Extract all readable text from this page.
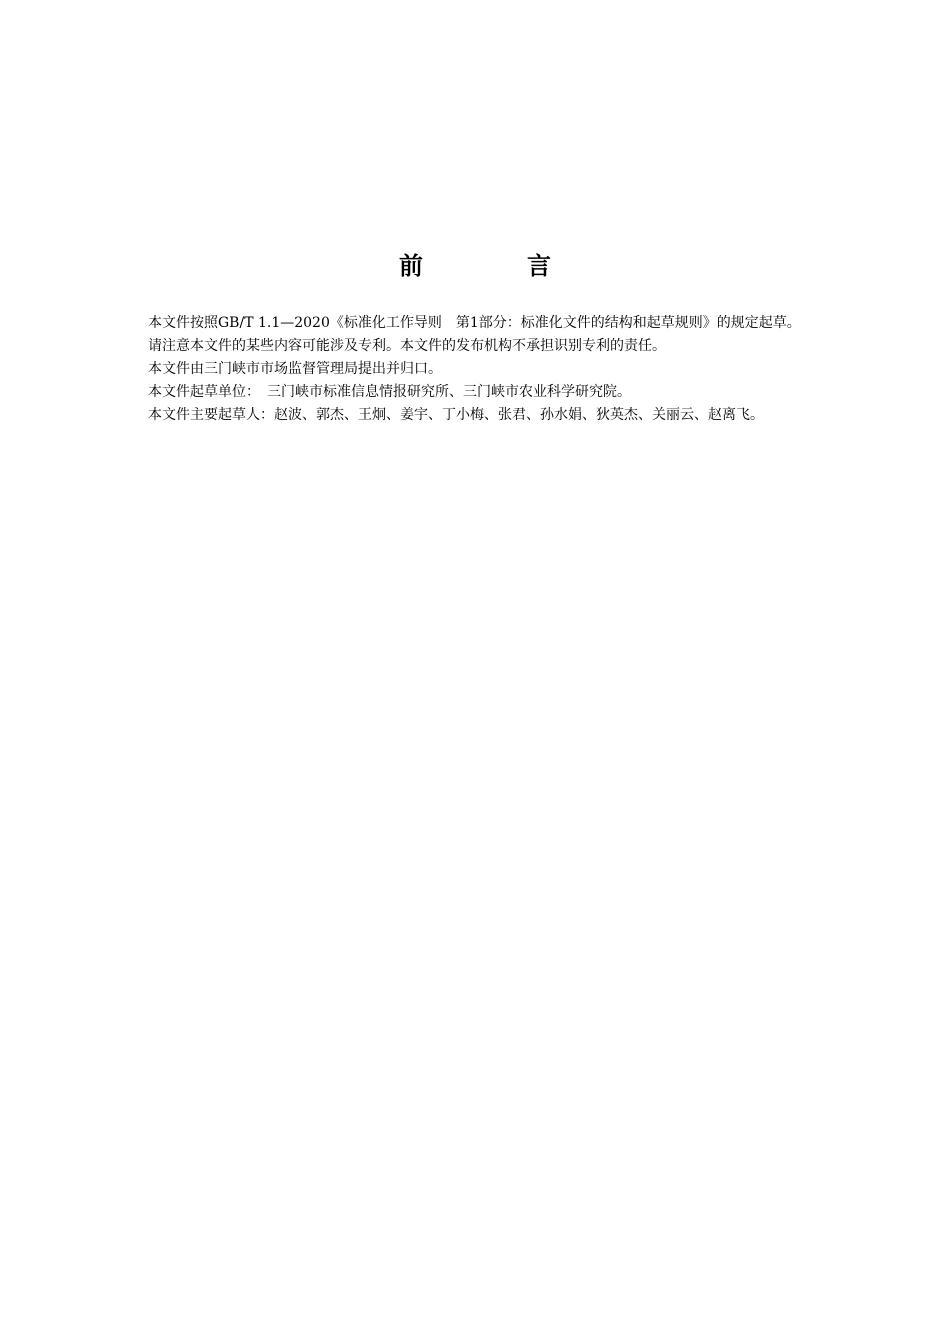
前　言

本文件按照GB/T 1.1—2020《标准化工作导则　第1部分：标准化文件的结构和起草规则》的规定起草。

请注意本文件的某些内容可能涉及专利。本文件的发布机构不承担识别专利的责任。

本文件由三门峡市市场监督管理局提出并归口。

本文件起草单位：　三门峡市标准信息情报研究所、三门峡市农业科学研究院。

本文件主要起草人：赵波、郭杰、王炯、姜宇、丁小梅、张君、孙水娟、狄英杰、关丽云、赵离飞。
